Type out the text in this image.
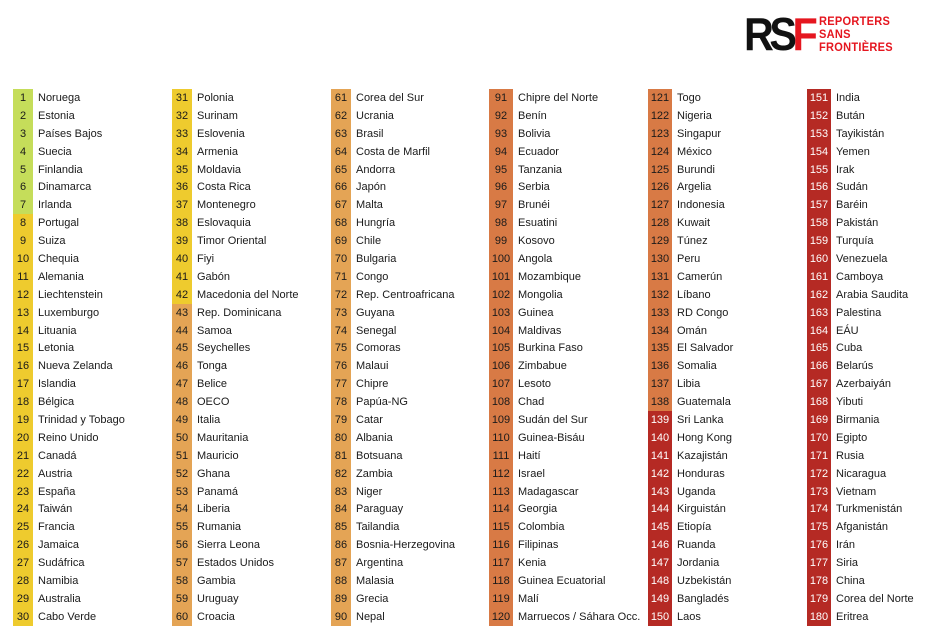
RSF REPORTERS
SANS FRONTIÈRES
1	Noruega
2	Estonia
3	Países Bajos
4	Suecia
5	Finlandia
6	Dinamarca
7	Irlanda
8	Portugal
9	Suiza
10 Chequia
11 Alemania
12 Liechtenstein
13 Luxemburgo
14 Lituania
15 Letonia
16 Nueva Zelanda
17 Islandia
18 Bélgica
19 Trinidad y Tobago
20 Reino Unido
21 Canadá
22 Austria
23 España
24 Taiwán
25 Francia
26 Jamaica
27 Sudáfrica
28 Namibia
29 Australia
30 Cabo Verde
31 Polonia
32 Surinam
33 Eslovenia
34 Armenia
35 Moldavia
36 Costa Rica
37 Montenegro
38 Eslovaquia
39 Timor Oriental
40 Fiyi
41 Gabón
42 Macedonia del Norte
43 Rep. Dominicana
44 Samoa
45 Seychelles
46 Tonga
47 Belice
48 OECO
49 Italia
50 Mauritania
51 Mauricio
52 Ghana
53 Panamá
54 Liberia
55 Rumania
56 Sierra Leona
57 Estados Unidos
58 Gambia
59 Uruguay
60 Croacia
61 Corea del Sur
62 Ucrania
63 Brasil
64 Costa de Marfil
65 Andorra
66 Japón
67 Malta
68 Hungría
69 Chile
70 Bulgaria
71 Congo
72 Rep. Centroafricana
73 Guyana
74 Senegal
75 Comoras
76 Malaui
77 Chipre
78 Papúa-NG
79 Catar
80 Albania
81 Botsuana
82 Zambia
83 Niger
84 Paraguay
85 Tailandia
86 Bosnia-Herzegovina
87 Argentina
88 Malasia
89 Grecia
90 Nepal
91 Chipre del Norte
92 Benín
93 Bolivia
94 Ecuador
95 Tanzania
96 Serbia
97 Brunéi
98 Esuatini
99 Kosovo
100 Angola
101 Mozambique
102 Mongolia
103 Guinea
104 Maldivas
105 Burkina Faso
106 Zimbabue
107 Lesoto
108 Chad
109 Sudán del Sur
110 Guinea-Bisáu
111 Haití
112 Israel
113 Madagascar
114 Georgia
115 Colombia
116 Filipinas
117 Kenia
118 Guinea Ecuatorial
119 Malí
120 Marruecos / Sáhara Occ.
121 Togo
122 Nigeria
123 Singapur
124 México
125 Burundi
126 Argelia
127 Indonesia
128 Kuwait
129 Túnez
130 Peru
131 Camerún
132 Líbano
133 RD Congo
134 Omán
135 El Salvador
136 Somalia
137 Libia
138 Guatemala
139 Sri Lanka
140 Hong Kong
141 Kazajistán
142 Honduras
143 Uganda
144 Kirguistán
145 Etiopía
146 Ruanda
147 Jordania
148 Uzbekistán
149 Bangladés
150 Laos
151 India
152 Bután
153 Tayikistán
154 Yemen
155 Irak
156 Sudán
157 Baréin
158 Pakistán
159 Turquía
160 Venezuela
161 Camboya
162 Arabia Saudita
163 Palestina
164 EÁU
165 Cuba
166 Belarús
167 Azerbaiyán
168 Yibuti
169 Birmania
170 Egipto
171 Rusia
172 Nicaragua
173 Vietnam
174 Turkmenistán
175 Afganistán
176 Irán
177 Siria
178 China
179 Corea del Norte
180 Eritrea
